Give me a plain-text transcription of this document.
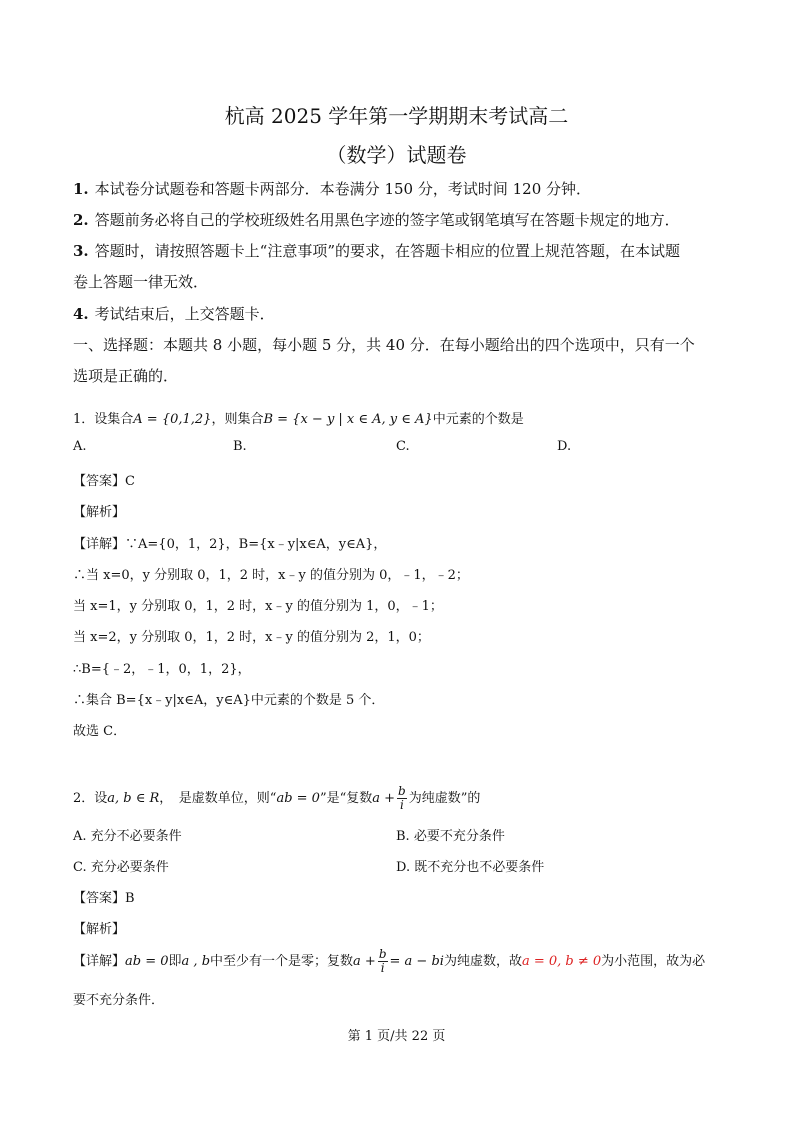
杭高 2025 学年第一学期期末考试高二
（数学）试题卷
1. 本试卷分试题卷和答题卡两部分．本卷满分 150 分，考试时间 120 分钟．
2. 答题前务必将自己的学校班级姓名用黑色字迹的签字笔或钢笔填写在答题卡规定的地方．
3. 答题时，请按照答题卡上“注意事项”的要求，在答题卡相应的位置上规范答题，在本试题
卷上答题一律无效．
4. 考试结束后，上交答题卡．
一、选择题：本题共 8 小题，每小题 5 分，共 40 分．在每小题给出的四个选项中，只有一个
选项是正确的．
1．设集合A = {0,1,2}，则集合B = {x − y | x ∈ A, y ∈ A}中元素的个数是
A.	B.	C.	D.
【答案】C
【解析】
【详解】∵A={0，1，2}，B={x﹣y|x∈A，y∈A}，
∴当 x=0，y 分别取 0，1，2 时，x﹣y 的值分别为 0，﹣1，﹣2；
当 x=1，y 分别取 0，1，2 时，x﹣y 的值分别为 1，0，﹣1；
当 x=2，y 分别取 0，1，2 时，x﹣y 的值分别为 2，1，0；
∴B={﹣2，﹣1，0，1，2}，
∴集合 B={x﹣y|x∈A，y∈A}中元素的个数是 5 个．
故选 C．
2．设a, b ∈ R，　是虚数单位，则“ab = 0”是“复数$a + \frac{b}{i}$ 为纯虚数”的
A. 充分不必要条件	B. 必要不充分条件
C. 充分必要条件	D. 既不充分也不必要条件
【答案】B
【解析】
【详解】ab = 0即a , b中至少有一个是零；复数$a + \frac{b}{i} = a$ − bi为纯虚数，故a = 0, b ≠ 0为小范围，故为必
要不充分条件．
第 1 页/共 22 页
